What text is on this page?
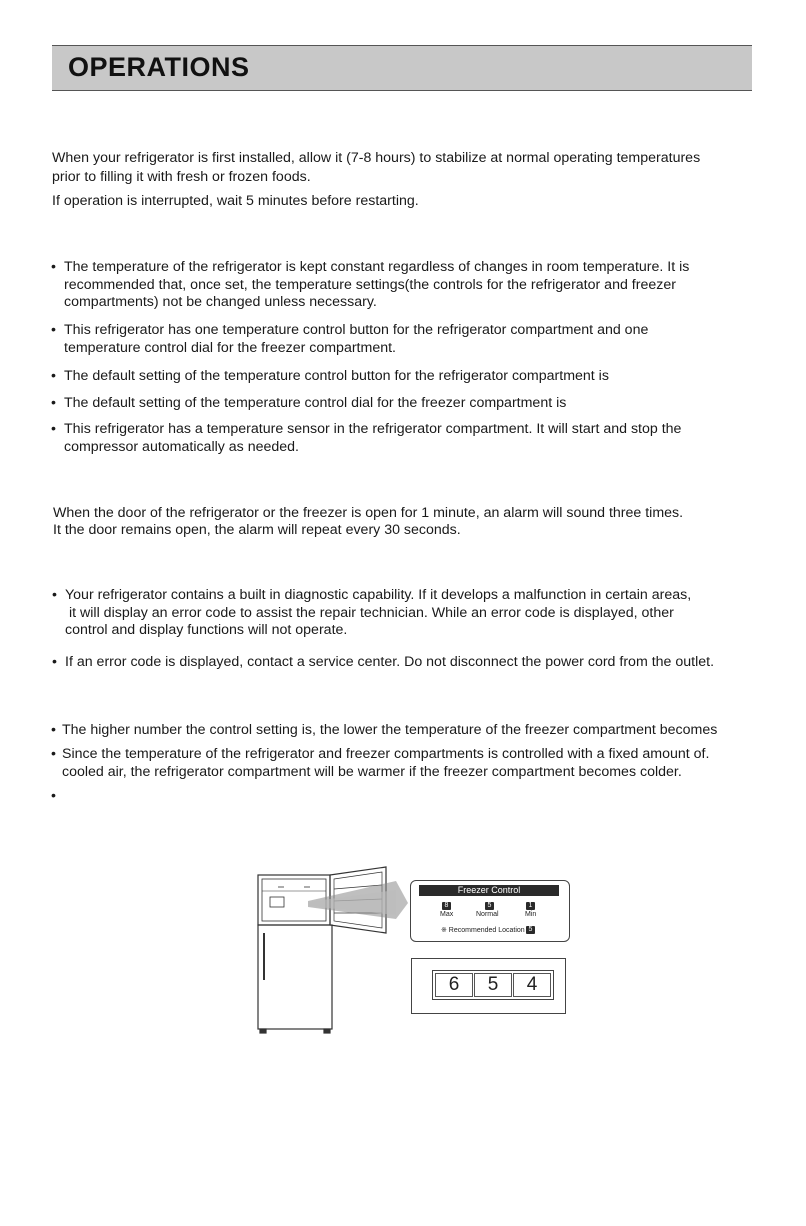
OPERATIONS

When your refrigerator is first installed, allow it (7-8 hours) to stabilize at normal operating temperatures

prior to filling it with fresh or frozen foods.

If operation is interrupted, wait 5 minutes before restarting.

• The temperature of the refrigerator is kept constant regardless of changes in room temperature. It is
recommended that, once set, the temperature settings(the controls for the refrigerator and freezer
compartments) not be changed unless necessary.
• This refrigerator has one temperature control button for the refrigerator compartment and one
temperature control dial for the freezer compartment.
• The default setting of the temperature control button for the refrigerator compartment is
• The default setting of the temperature control dial for the freezer compartment is
• This refrigerator has a temperature sensor in the refrigerator compartment. It will start and stop the
compressor automatically as needed.

When the door of the refrigerator or the freezer is open for 1 minute, an alarm will sound three times.

It the door remains open, the alarm will repeat every 30 seconds.

• Your refrigerator contains a built in diagnostic capability. If it develops a malfunction in certain areas,
it will display an error code to assist the repair technician. While an error code is displayed, other
control and display functions will not operate.
• If an error code is displayed, contact a service center. Do not disconnect the power cord from the outlet.
• The higher number the control setting is, the lower the temperature of the freezer compartment becomes
• Since the temperature of the refrigerator and freezer compartments is controlled with a fixed amount of.
cooled air, the refrigerator compartment will be warmer if the freezer compartment becomes colder.
•
Freezer Control
8
Max
5
Normal
1
Min
※ Recommended Location 5
6	5	4
